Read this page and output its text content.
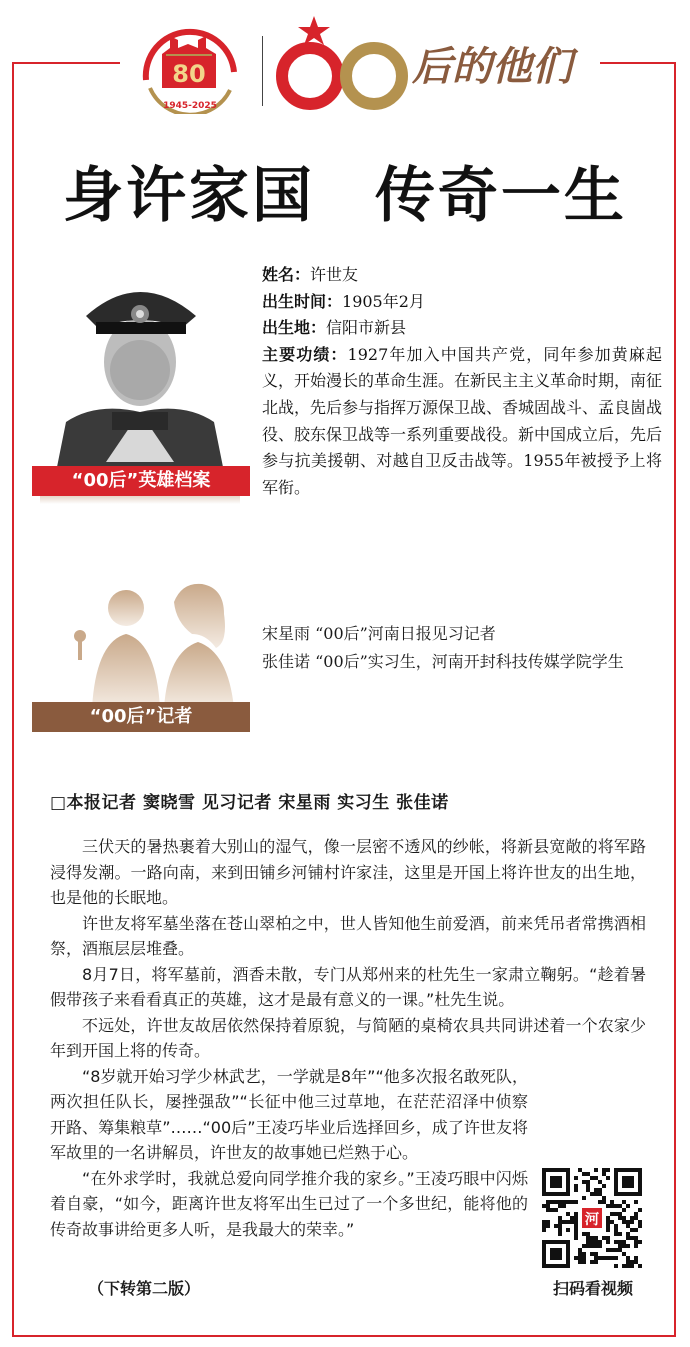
80
1945-2025
00	后的他们
身许家国 传奇一生
“00后”英雄档案

姓名：许世友

出生时间：1905年2月

出生地：信阳市新县

主要功绩：1927年加入中国共产党，同年参加黄麻起义，开始漫长的革命生涯。在新民主主义革命时期，南征北战，先后参与指挥万源保卫战、香城固战斗、孟良崮战役、胶东保卫战等一系列重要战役。新中国成立后，先后参与抗美援朝、对越自卫反击战等。1955年被授予上将军衔。

“00后”记者

宋星雨 “00后”河南日报见习记者

张佳诺 “00后”实习生，河南开封科技传媒学院学生

□本报记者 窦晓雪 见习记者 宋星雨 实习生 张佳诺

三伏天的暑热裹着大别山的湿气，像一层密不透风的纱帐，将新县宽敞的将军路浸得发潮。一路向南，来到田铺乡河铺村许家洼，这里是开国上将许世友的出生地，也是他的长眠地。

许世友将军墓坐落在苍山翠柏之中，世人皆知他生前爱酒，前来凭吊者常携酒相祭，酒瓶层层堆叠。

8月7日，将军墓前，酒香未散，专门从郑州来的杜先生一家肃立鞠躬。“趁着暑假带孩子来看看真正的英雄，这才是最有意义的一课。”杜先生说。

不远处，许世友故居依然保持着原貌，与简陋的桌椅农具共同讲述着一个农家少年到开国上将的传奇。

“8岁就开始习学少林武艺，一学就是8年”“他多次报名敢死队，两次担任队长，屡挫强敌”“长征中他三过草地，在茫茫沼泽中侦察开路、筹集粮草”……“00后”王凌巧毕业后选择回乡，成了许世友将军故里的一名讲解员，许世友的故事她已烂熟于心。

“在外求学时，我就总爱向同学推介我的家乡。”王凌巧眼中闪烁着自豪，“如今，距离许世友将军出生已过了一个多世纪，能将他的传奇故事讲给更多人听，是我最大的荣幸。”

（下转第二版）
河
扫码看视频
